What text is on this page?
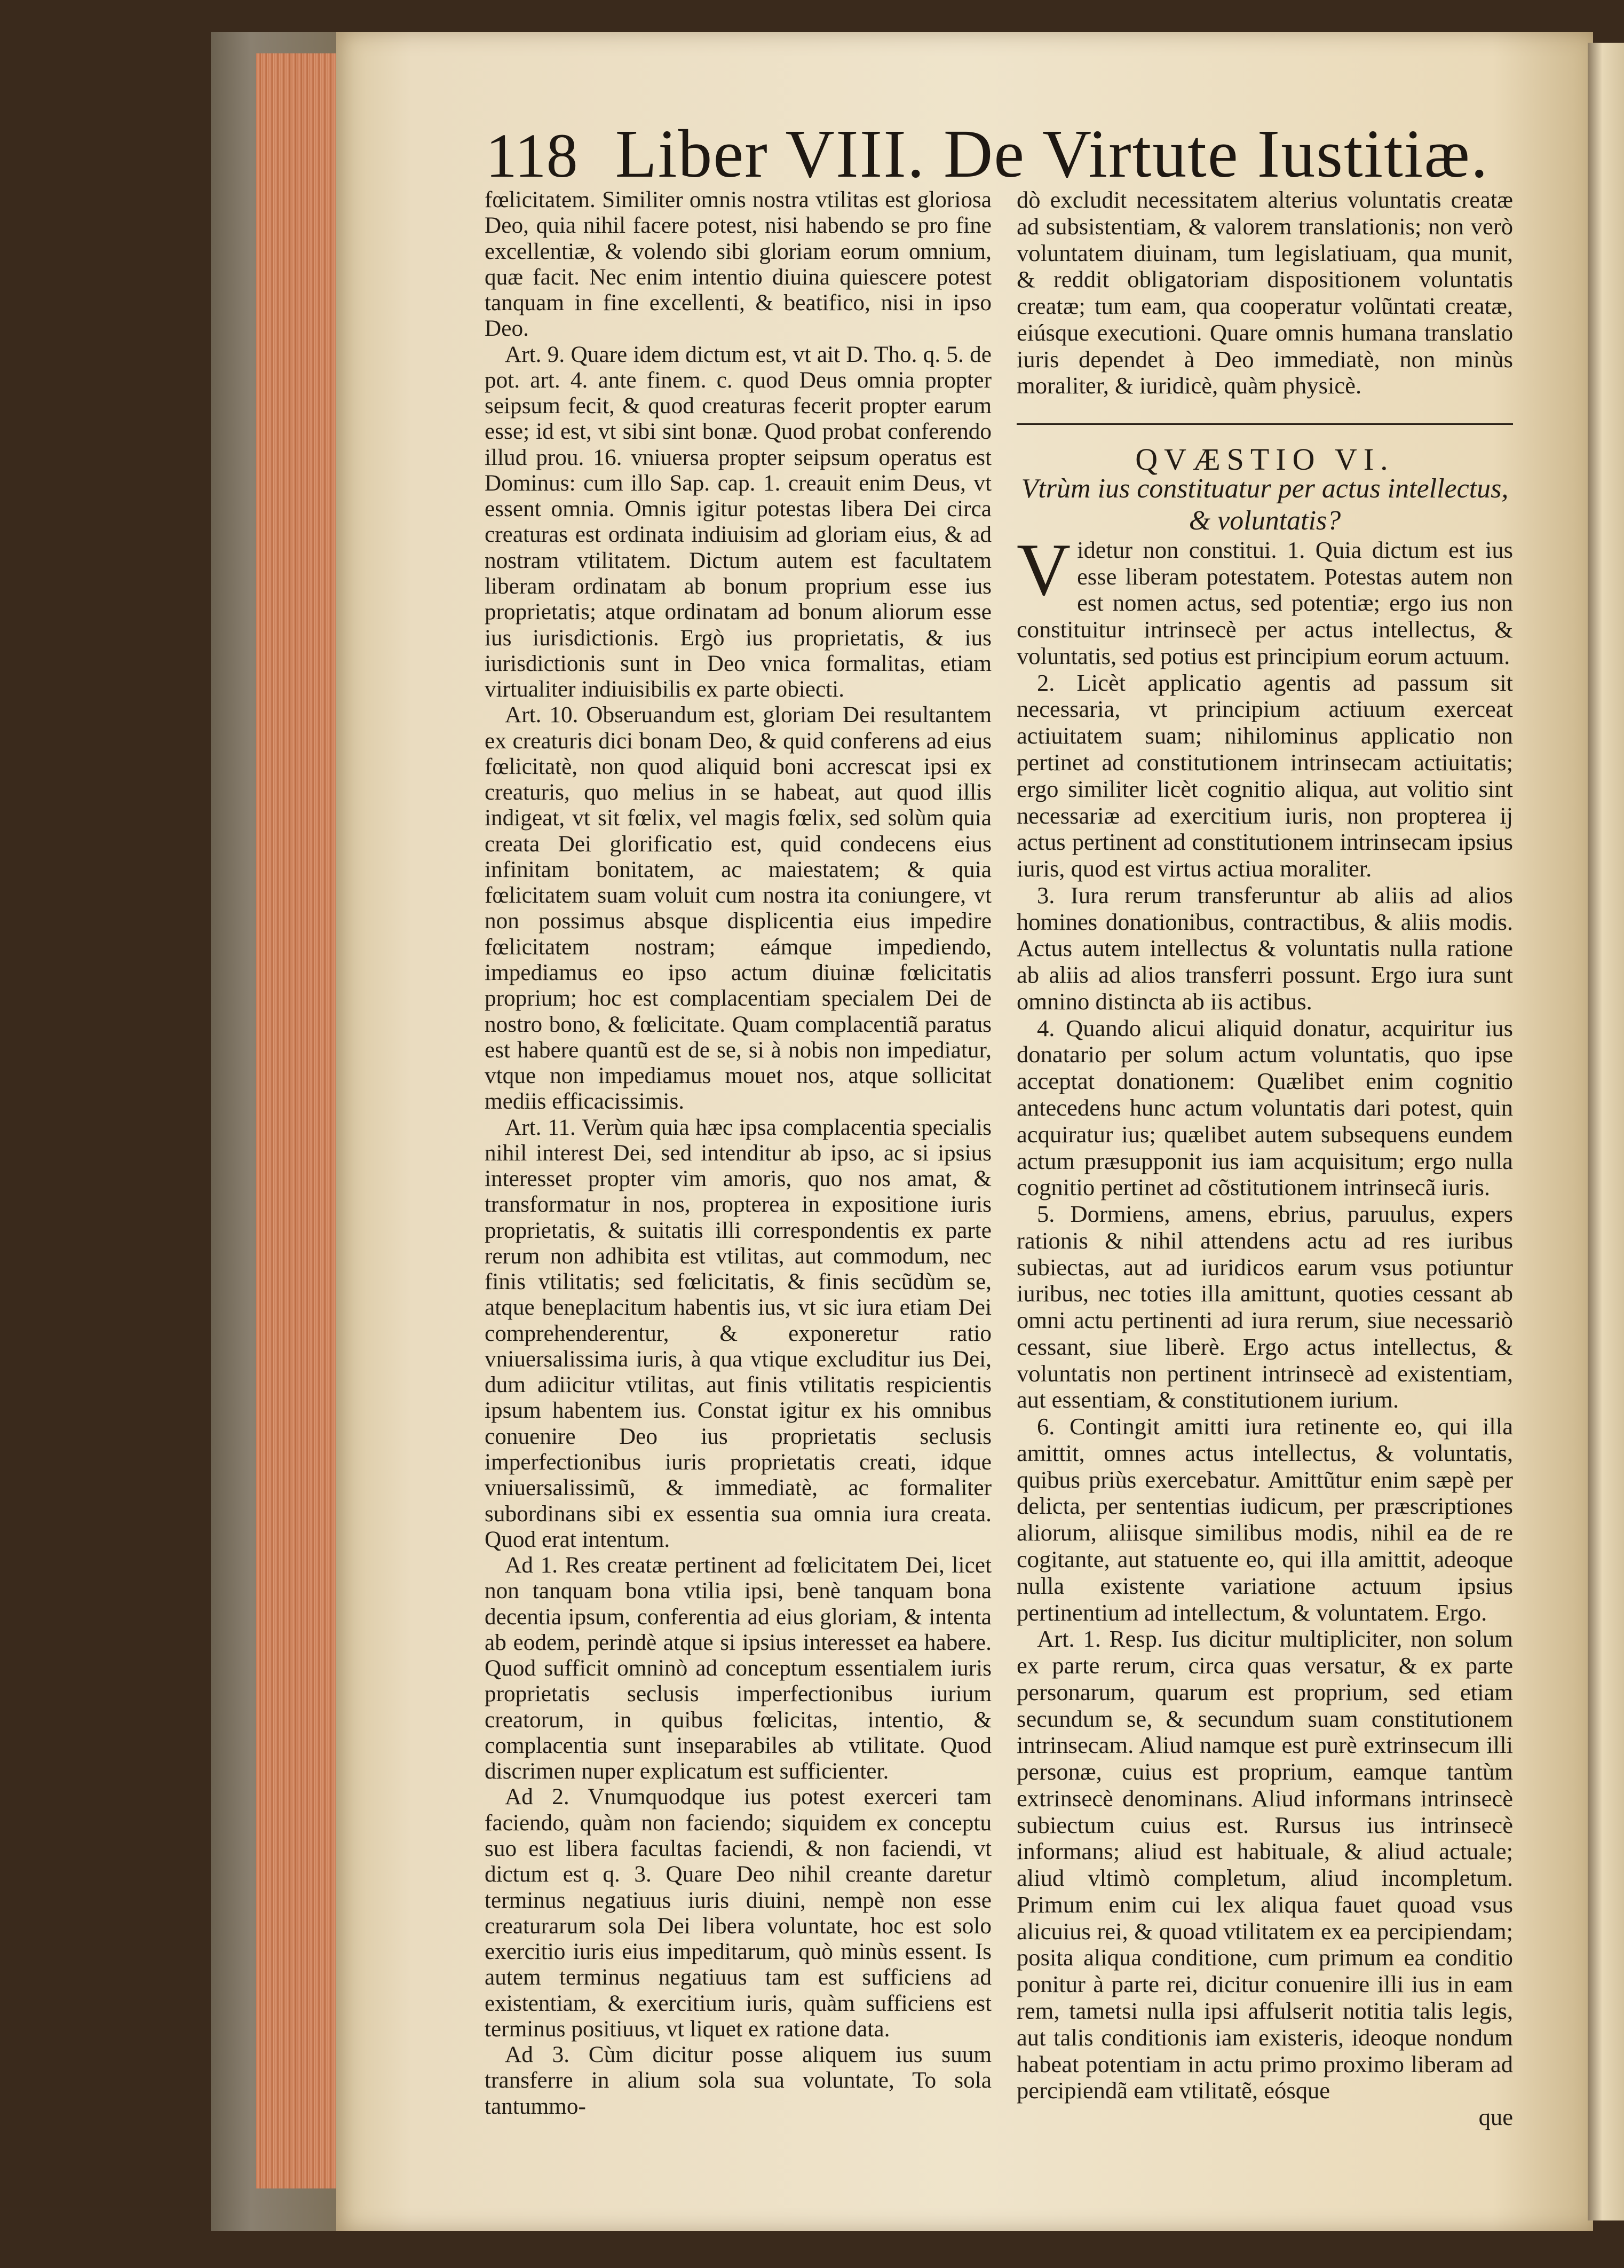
118 Liber VIII. De Virtute Iustitiæ.

fœlicitatem. Similiter omnis nostra vtilitas est gloriosa Deo, quia nihil facere potest, nisi habendo se pro fine excellentiæ, & volendo sibi gloriam eorum omnium, quæ facit. Nec enim intentio diuina quiescere potest tanquam in fine excellenti, & beatifico, nisi in ipso Deo.

Art. 9. Quare idem dictum est, vt ait D. Tho. q. 5. de pot. art. 4. ante finem. c. quod Deus omnia propter seipsum fecit, & quod creaturas fecerit propter earum esse; id est, vt sibi sint bonæ. Quod probat conferendo illud prou. 16. vniuersa propter seipsum operatus est Dominus: cum illo Sap. cap. 1. creauit enim Deus, vt essent omnia. Omnis igitur potestas libera Dei circa creaturas est ordinata indiuisim ad gloriam eius, & ad nostram vtilitatem. Dictum autem est facultatem liberam ordinatam ab bonum proprium esse ius proprietatis; atque ordinatam ad bonum aliorum esse ius iurisdictionis. Ergò ius proprietatis, & ius iurisdictionis sunt in Deo vnica formalitas, etiam virtualiter indiuisibilis ex parte obiecti.

Art. 10. Obseruandum est, gloriam Dei resultantem ex creaturis dici bonam Deo, & quid conferens ad eius fœlicitatè, non quod aliquid boni accrescat ipsi ex creaturis, quo melius in se habeat, aut quod illis indigeat, vt sit fœlix, vel magis fœlix, sed solùm quia creata Dei glorificatio est, quid condecens eius infinitam bonitatem, ac maiestatem; & quia fœlicitatem suam voluit cum nostra ita coniungere, vt non possimus absque displicentia eius impedire fœlicitatem nostram; eámque impediendo, impediamus eo ipso actum diuinæ fœlicitatis proprium; hoc est complacentiam specialem Dei de nostro bono, & fœlicitate. Quam complacentiã paratus est habere quantũ est de se, si à nobis non impediatur, vtque non impediamus mouet nos, atque sollicitat mediis efficacissimis.

Art. 11. Verùm quia hæc ipsa complacentia specialis nihil interest Dei, sed intenditur ab ipso, ac si ipsius interesset propter vim amoris, quo nos amat, & transformatur in nos, propterea in expositione iuris proprietatis, & suitatis illi correspondentis ex parte rerum non adhibita est vtilitas, aut commodum, nec finis vtilitatis; sed fœlicitatis, & finis secũdùm se, atque beneplacitum habentis ius, vt sic iura etiam Dei comprehenderentur, & exponeretur ratio vniuersalissima iuris, à qua vtique excluditur ius Dei, dum adiicitur vtilitas, aut finis vtilitatis respicientis ipsum habentem ius. Constat igitur ex his omnibus conuenire Deo ius proprietatis seclusis imperfectionibus iuris proprietatis creati, idque vniuersalissimũ, & immediatè, ac formaliter subordinans sibi ex essentia sua omnia iura creata. Quod erat intentum.

Ad 1. Res creatæ pertinent ad fœlicitatem Dei, licet non tanquam bona vtilia ipsi, benè tanquam bona decentia ipsum, conferentia ad eius gloriam, & intenta ab eodem, perindè atque si ipsius interesset ea habere. Quod sufficit omninò ad conceptum essentialem iuris proprietatis seclusis imperfectionibus iurium creatorum, in quibus fœlicitas, intentio, & complacentia sunt inseparabiles ab vtilitate. Quod discrimen nuper explicatum est sufficienter.

Ad 2. Vnumquodque ius potest exerceri tam faciendo, quàm non faciendo; siquidem ex conceptu suo est libera facultas faciendi, & non faciendi, vt dictum est q. 3. Quare Deo nihil creante daretur terminus negatiuus iuris diuini, nempè non esse creaturarum sola Dei libera voluntate, hoc est solo exercitio iuris eius impeditarum, quò minùs essent. Is autem terminus negatiuus tam est sufficiens ad existentiam, & exercitium iuris, quàm sufficiens est terminus positiuus, vt liquet ex ratione data.

Ad 3. Cùm dicitur posse aliquem ius suum transferre in alium sola sua voluntate, To sola tantummo-

dò excludit necessitatem alterius voluntatis creatæ ad subsistentiam, & valorem translationis; non verò voluntatem diuinam, tum legislatiuam, qua munit, & reddit obligatoriam dispositionem voluntatis creatæ; tum eam, qua cooperatur volũntati creatæ, eiúsque executioni. Quare omnis humana translatio iuris dependet à Deo immediatè, non minùs moraliter, & iuridicè, quàm physicè.

QVÆSTIO VI.

Vtrùm ius constituatur per actus intellectus, & voluntatis?

Videtur non constitui. 1. Quia dictum est ius esse liberam potestatem. Potestas autem non est nomen actus, sed potentiæ; ergo ius non constituitur intrinsecè per actus intellectus, & voluntatis, sed potius est principium eorum actuum.

2. Licèt applicatio agentis ad passum sit necessaria, vt principium actiuum exerceat actiuitatem suam; nihilominus applicatio non pertinet ad constitutionem intrinsecam actiuitatis; ergo similiter licèt cognitio aliqua, aut volitio sint necessariæ ad exercitium iuris, non propterea ij actus pertinent ad constitutionem intrinsecam ipsius iuris, quod est virtus actiua moraliter.

3. Iura rerum transferuntur ab aliis ad alios homines donationibus, contractibus, & aliis modis. Actus autem intellectus & voluntatis nulla ratione ab aliis ad alios transferri possunt. Ergo iura sunt omnino distincta ab iis actibus.

4. Quando alicui aliquid donatur, acquiritur ius donatario per solum actum voluntatis, quo ipse acceptat donationem: Quælibet enim cognitio antecedens hunc actum voluntatis dari potest, quin acquiratur ius; quælibet autem subsequens eundem actum præsupponit ius iam acquisitum; ergo nulla cognitio pertinet ad cõstitutionem intrinsecã iuris.

5. Dormiens, amens, ebrius, paruulus, expers rationis & nihil attendens actu ad res iuribus subiectas, aut ad iuridicos earum vsus potiuntur iuribus, nec toties illa amittunt, quoties cessant ab omni actu pertinenti ad iura rerum, siue necessariò cessant, siue liberè. Ergo actus intellectus, & voluntatis non pertinent intrinsecè ad existentiam, aut essentiam, & constitutionem iurium.

6. Contingit amitti iura retinente eo, qui illa amittit, omnes actus intellectus, & voluntatis, quibus priùs exercebatur. Amittũtur enim sæpè per delicta, per sententias iudicum, per præscriptiones aliorum, aliisque similibus modis, nihil ea de re cogitante, aut statuente eo, qui illa amittit, adeoque nulla existente variatione actuum ipsius pertinentium ad intellectum, & voluntatem. Ergo.

Art. 1. Resp. Ius dicitur multipliciter, non solum ex parte rerum, circa quas versatur, & ex parte personarum, quarum est proprium, sed etiam secundum se, & secundum suam constitutionem intrinsecam. Aliud namque est purè extrinsecum illi personæ, cuius est proprium, eamque tantùm extrinsecè denominans. Aliud informans intrinsecè subiectum cuius est. Rursus ius intrinsecè informans; aliud est habituale, & aliud actuale; aliud vltimò completum, aliud incompletum. Primum enim cui lex aliqua fauet quoad vsus alicuius rei, & quoad vtilitatem ex ea percipiendam; posita aliqua conditione, cum primum ea conditio ponitur à parte rei, dicitur conuenire illi ius in eam rem, tametsi nulla ipsi affulserit notitia talis legis, aut talis conditionis iam existeris, ideoque nondum habeat potentiam in actu primo proximo liberam ad percipiendã eam vtilitatẽ, eósque

que
